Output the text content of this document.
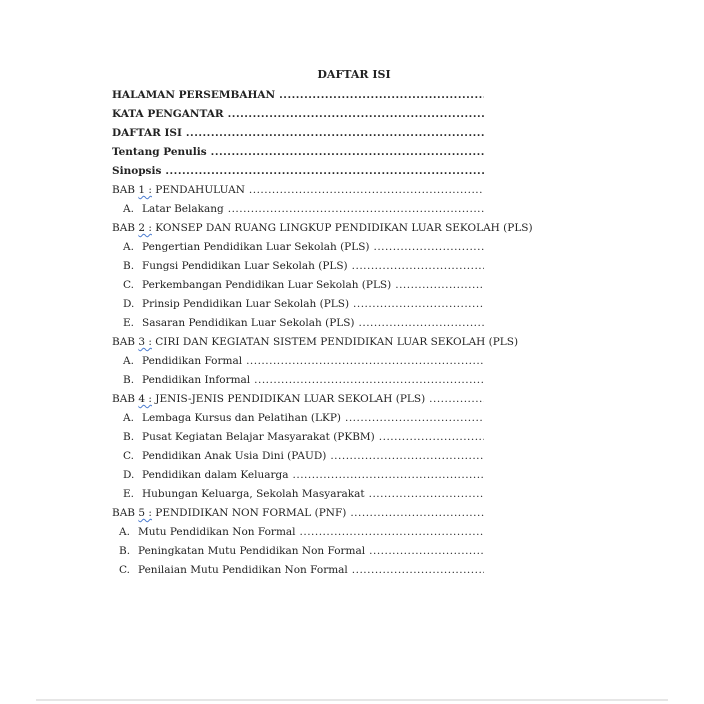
DAFTAR ISI
HALAMAN PERSEMBAHAN
.....
KATA PENGANTAR
.....
DAFTAR ISI
.....
Tentang Penulis
.....
Sinopsis
.....
BAB 1 : PENDAHULUAN
.....
A. Latar Belakang
.....
BAB 2 : KONSEP DAN RUANG LINGKUP PENDIDIKAN LUAR SEKOLAH (PLS)
A. Pengertian Pendidikan Luar Sekolah (PLS)
.....
B. Fungsi Pendidikan Luar Sekolah (PLS)
.....
C. Perkembangan Pendidikan Luar Sekolah (PLS)
.....
D. Prinsip Pendidikan Luar Sekolah (PLS)
.....
E. Sasaran Pendidikan Luar Sekolah (PLS)
.....
BAB 3 : CIRI DAN KEGIATAN SISTEM PENDIDIKAN LUAR SEKOLAH (PLS)
A. Pendidikan Formal
.....
B. Pendidikan Informal
.....
BAB 4 : JENIS-JENIS PENDIDIKAN LUAR SEKOLAH (PLS)
.....
A. Lembaga Kursus dan Pelatihan (LKP)
.....
B. Pusat Kegiatan Belajar Masyarakat (PKBM)
.....
C. Pendidikan Anak Usia Dini (PAUD)
.....
D. Pendidikan dalam Keluarga
.....
E. Hubungan Keluarga, Sekolah Masyarakat
.....
BAB 5 : PENDIDIKAN NON FORMAL (PNF)
.....
A. Mutu Pendidikan Non Formal
.....
B. Peningkatan Mutu Pendidikan Non Formal
.....
C. Penilaian Mutu Pendidikan Non Formal
.....
